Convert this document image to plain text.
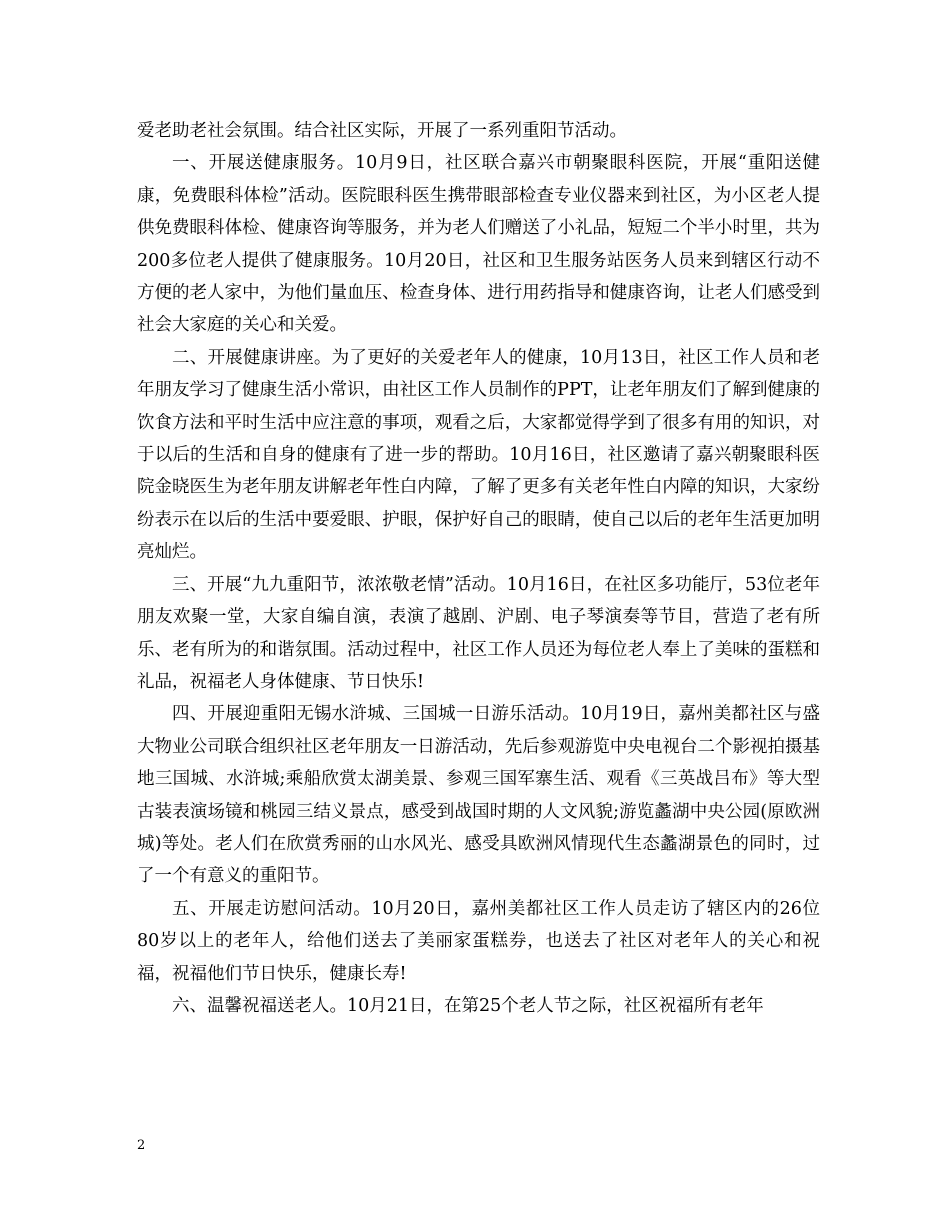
爱老助老社会氛围。结合社区实际，开展了一系列重阳节活动。

一、开展送健康服务。10月9日，社区联合嘉兴市朝聚眼科医院，开展“重阳送健康，免费眼科体检”活动。医院眼科医生携带眼部检查专业仪器来到社区，为小区老人提供免费眼科体检、健康咨询等服务，并为老人们赠送了小礼品，短短二个半小时里，共为200多位老人提供了健康服务。10月20日，社区和卫生服务站医务人员来到辖区行动不方便的老人家中，为他们量血压、检查身体、进行用药指导和健康咨询，让老人们感受到社会大家庭的关心和关爱。

二、开展健康讲座。为了更好的关爱老年人的健康，10月13日，社区工作人员和老年朋友学习了健康生活小常识，由社区工作人员制作的PPT，让老年朋友们了解到健康的饮食方法和平时生活中应注意的事项，观看之后，大家都觉得学到了很多有用的知识，对于以后的生活和自身的健康有了进一步的帮助。10月16日，社区邀请了嘉兴朝聚眼科医院金晓医生为老年朋友讲解老年性白内障，了解了更多有关老年性白内障的知识，大家纷纷表示在以后的生活中要爱眼、护眼，保护好自己的眼睛，使自己以后的老年生活更加明亮灿烂。

三、开展“九九重阳节，浓浓敬老情”活动。10月16日，在社区多功能厅，53位老年朋友欢聚一堂，大家自编自演，表演了越剧、沪剧、电子琴演奏等节目，营造了老有所乐、老有所为的和谐氛围。活动过程中，社区工作人员还为每位老人奉上了美味的蛋糕和礼品，祝福老人身体健康、节日快乐!

四、开展迎重阳无锡水浒城、三国城一日游乐活动。10月19日，嘉州美都社区与盛大物业公司联合组织社区老年朋友一日游活动，先后参观游览中央电视台二个影视拍摄基地三国城、水浒城;乘船欣赏太湖美景、参观三国军寨生活、观看《三英战吕布》等大型古装表演场镜和桃园三结义景点，感受到战国时期的人文风貌;游览蠡湖中央公园(原欧洲城)等处。老人们在欣赏秀丽的山水风光、感受具欧洲风情现代生态蠡湖景色的同时，过了一个有意义的重阳节。

五、开展走访慰问活动。10月20日，嘉州美都社区工作人员走访了辖区内的26位80岁以上的老年人，给他们送去了美丽家蛋糕券，也送去了社区对老年人的关心和祝福，祝福他们节日快乐，健康长寿!

六、温馨祝福送老人。10月21日，在第25个老人节之际，社区祝福所有老年

2
